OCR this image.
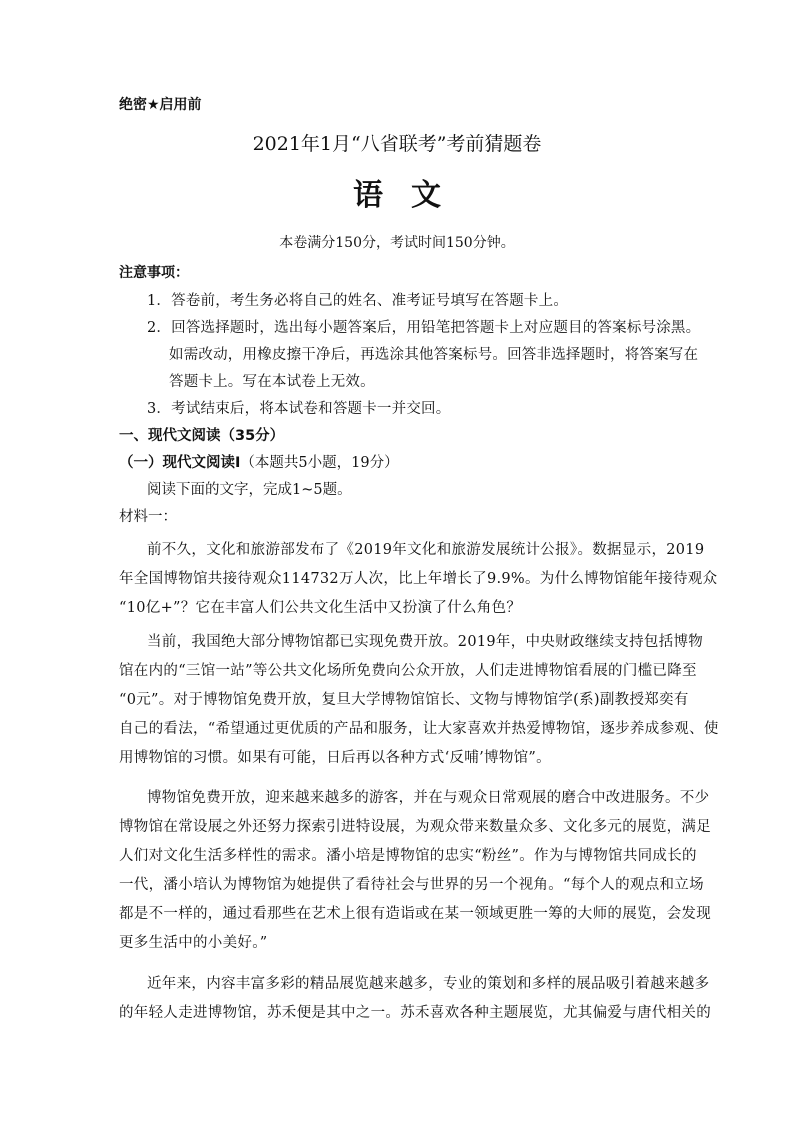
绝密★启用前
2021年1月“八省联考”考前猜题卷
语文
本卷满分150分，考试时间150分钟。
注意事项：
1．答卷前，考生务必将自己的姓名、准考证号填写在答题卡上。
2．回答选择题时，选出每小题答案后，用铅笔把答题卡上对应题目的答案标号涂黑。
如需改动，用橡皮擦干净后，再选涂其他答案标号。回答非选择题时，将答案写在
答题卡上。写在本试卷上无效。
3．考试结束后，将本试卷和答题卡一并交回。
一、现代文阅读（35分）
（一）现代文阅读Ⅰ（本题共5小题，19分）
阅读下面的文字，完成1~5题。
材料一：
前不久，文化和旅游部发布了《2019年文化和旅游发展统计公报》。数据显示，2019
年全国博物馆共接待观众114732万人次，比上年增长了9.9%。为什么博物馆能年接待观众
“10亿+”？它在丰富人们公共文化生活中又扮演了什么角色？
当前，我国绝大部分博物馆都已实现免费开放。2019年，中央财政继续支持包括博物
馆在内的“三馆一站”等公共文化场所免费向公众开放，人们走进博物馆看展的门槛已降至
“0元”。对于博物馆免费开放，复旦大学博物馆馆长、文物与博物馆学(系)副教授郑奕有
自己的看法，“希望通过更优质的产品和服务，让大家喜欢并热爱博物馆，逐步养成参观、使
用博物馆的习惯。如果有可能，日后再以各种方式‘反哺’博物馆”。
博物馆免费开放，迎来越来越多的游客，并在与观众日常观展的磨合中改进服务。不少
博物馆在常设展之外还努力探索引进特设展，为观众带来数量众多、文化多元的展览，满足
人们对文化生活多样性的需求。潘小培是博物馆的忠实“粉丝”。作为与博物馆共同成长的
一代，潘小培认为博物馆为她提供了看待社会与世界的另一个视角。“每个人的观点和立场
都是不一样的，通过看那些在艺术上很有造诣或在某一领域更胜一筹的大师的展览，会发现
更多生活中的小美好。”
近年来，内容丰富多彩的精品展览越来越多，专业的策划和多样的展品吸引着越来越多
的年轻人走进博物馆，苏禾便是其中之一。苏禾喜欢各种主题展览，尤其偏爱与唐代相关的
